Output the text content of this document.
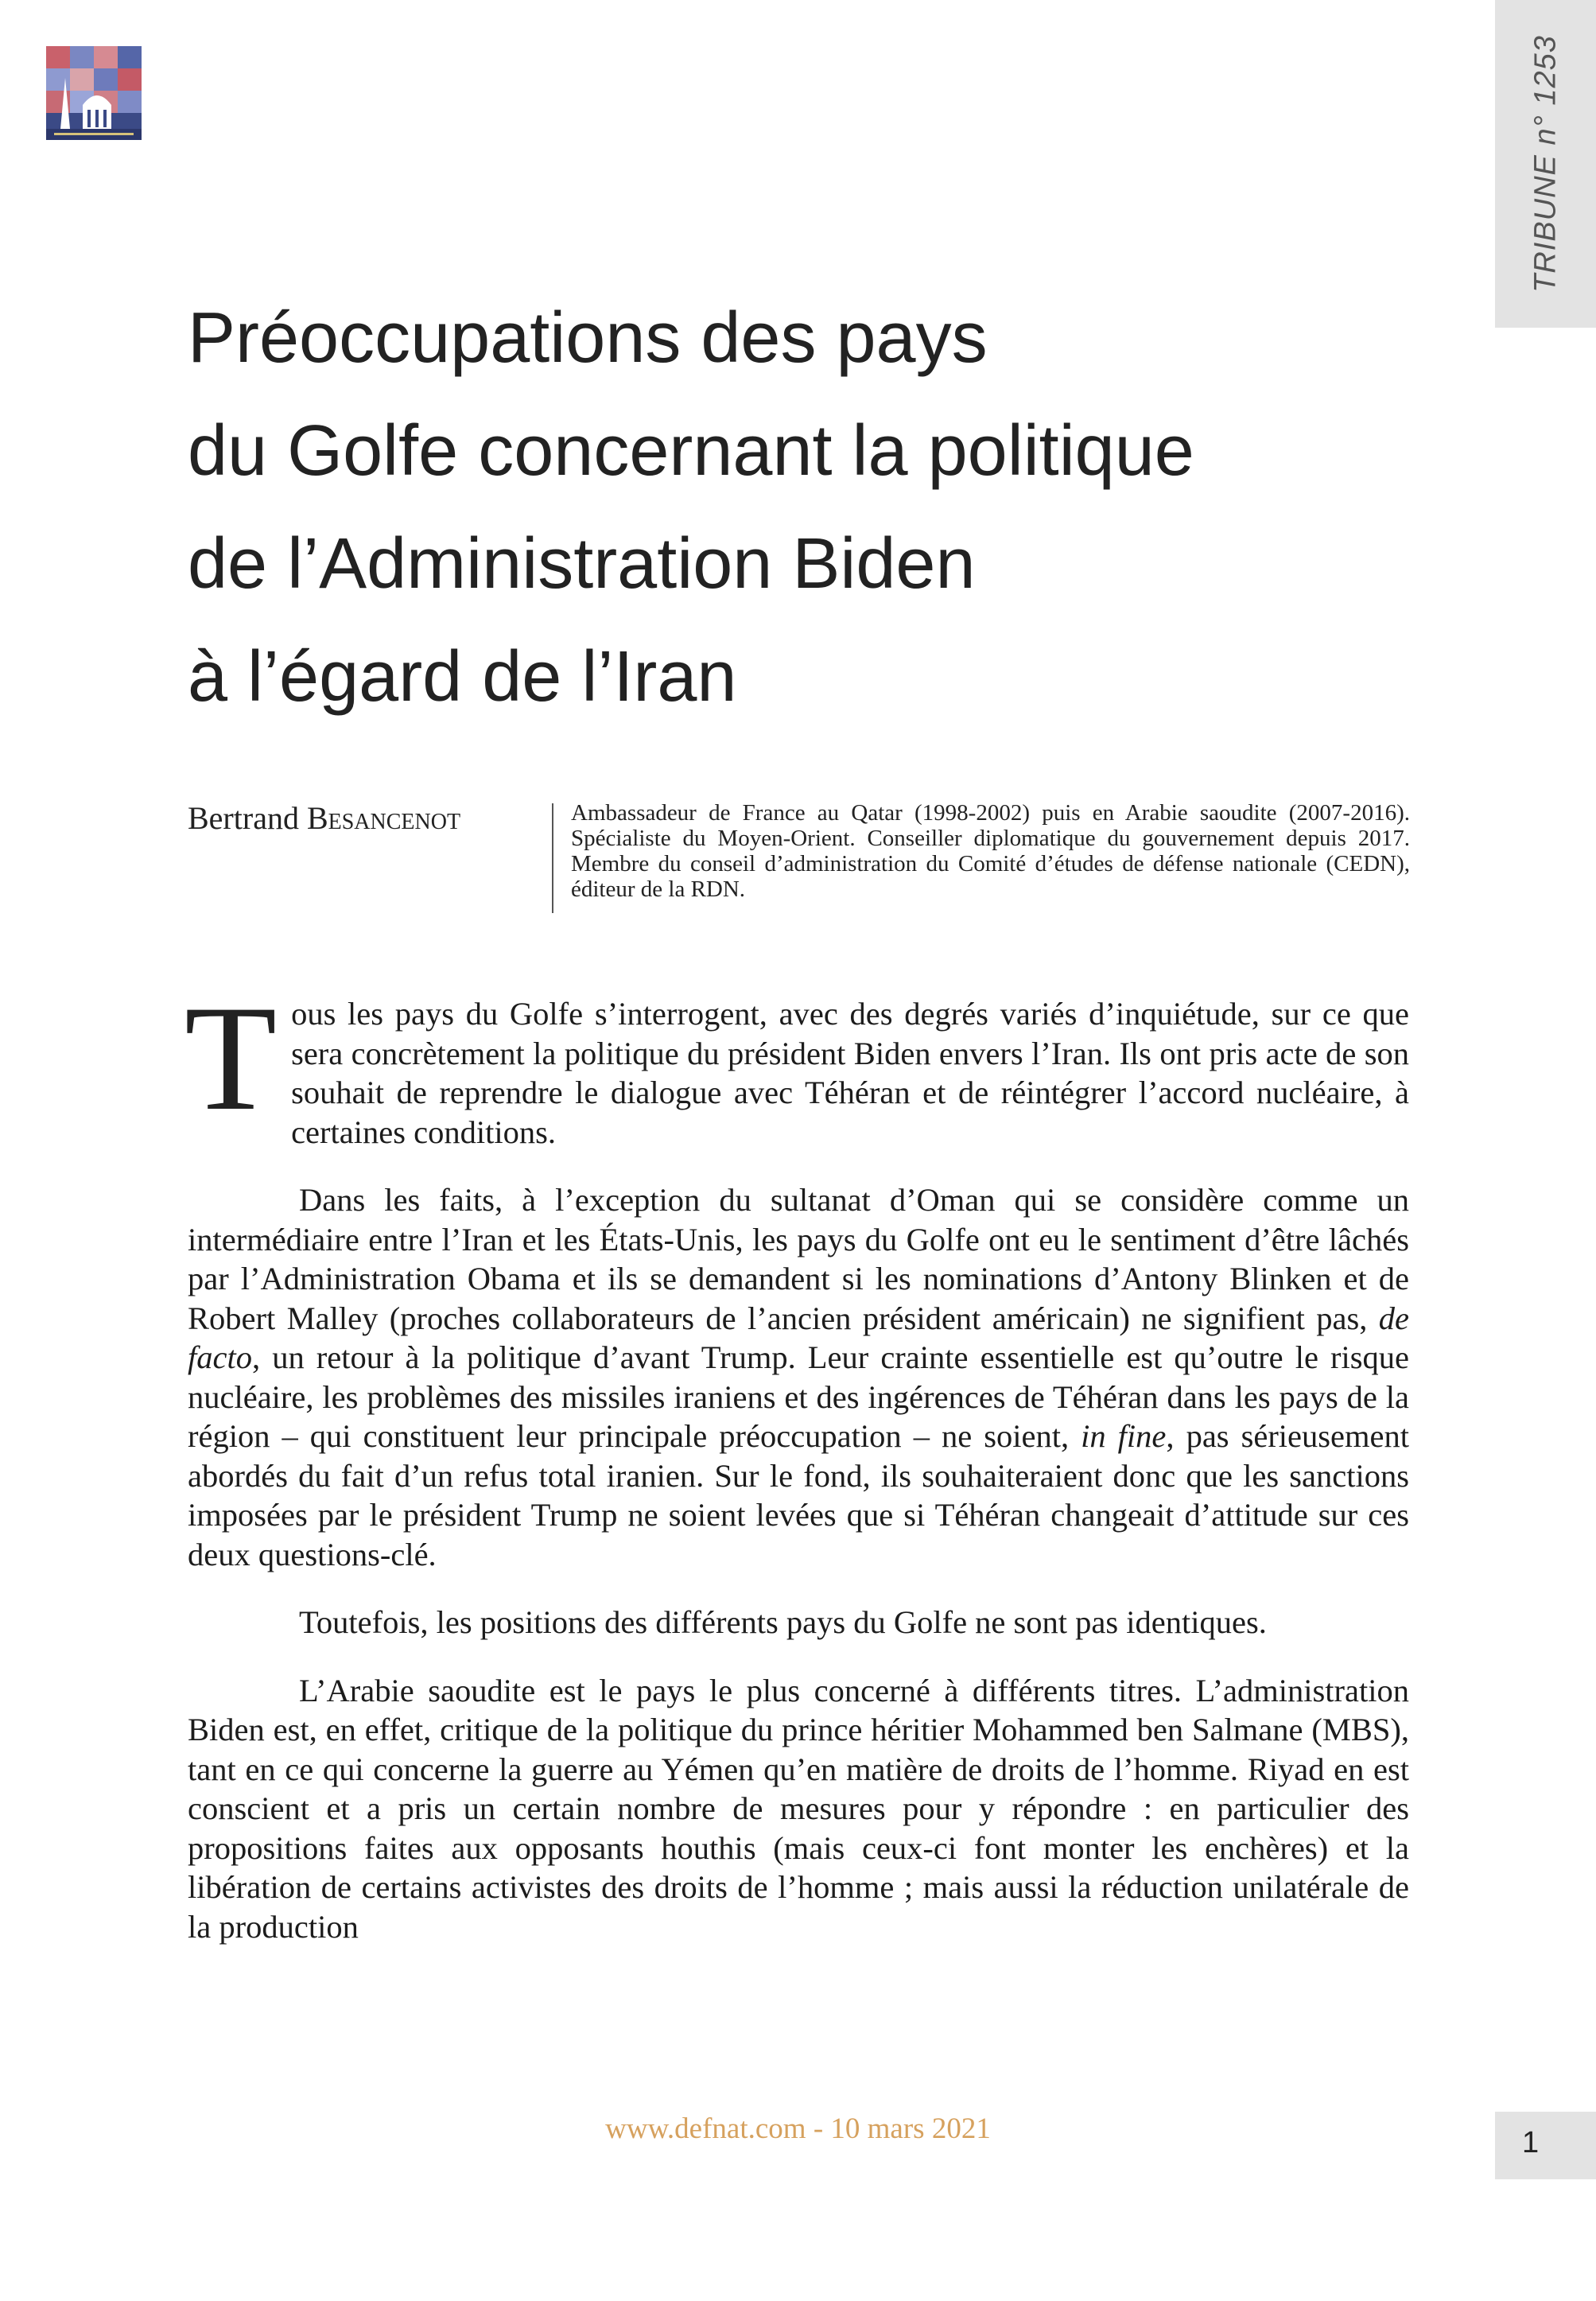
TRIBUNE n° 1253
Préoccupations des pays
du Golfe concernant la politique
de l’Administration Biden
à l’égard de l’Iran
Bertrand Besancenot	Ambassadeur de France au Qatar (1998-2002) puis en Arabie saoudite (2007-2016). Spécialiste du Moyen-Orient. Conseiller diplomatique du gouvernement depuis 2017. Membre du conseil d’administration du Comité d’études de défense nationale (CEDN), éditeur de la RDN.

Tous les pays du Golfe s’interrogent, avec des degrés variés d’inquiétude, sur ce que sera concrètement la politique du président Biden envers l’Iran. Ils ont pris acte de son souhait de reprendre le dialogue avec Téhéran et de réintégrer l’accord nucléaire, à certaines conditions.

Dans les faits, à l’exception du sultanat d’Oman qui se considère comme un intermédiaire entre l’Iran et les États-Unis, les pays du Golfe ont eu le sentiment d’être lâchés par l’Administration Obama et ils se demandent si les nominations d’Antony Blinken et de Robert Malley (proches collaborateurs de l’ancien président américain) ne signifient pas, de facto, un retour à la politique d’avant Trump. Leur crainte essentielle est qu’outre le risque nucléaire, les problèmes des missiles iraniens et des ingérences de Téhéran dans les pays de la région – qui constituent leur principale préoccupation – ne soient, in fine, pas sérieusement abordés du fait d’un refus total iranien. Sur le fond, ils souhaiteraient donc que les sanctions imposées par le président Trump ne soient levées que si Téhéran changeait d’attitude sur ces deux questions-clé.

Toutefois, les positions des différents pays du Golfe ne sont pas identiques.

L’Arabie saoudite est le pays le plus concerné à différents titres. L’administration Biden est, en effet, critique de la politique du prince héritier Mohammed ben Salmane (MBS), tant en ce qui concerne la guerre au Yémen qu’en matière de droits de l’homme. Riyad en est conscient et a pris un certain nombre de mesures pour y répondre : en particulier des propositions faites aux opposants houthis (mais ceux-ci font monter les enchères) et la libération de certains activistes des droits de l’homme ; mais aussi la réduction unilatérale de la production

www.defnat.com - 10 mars 2021	1
